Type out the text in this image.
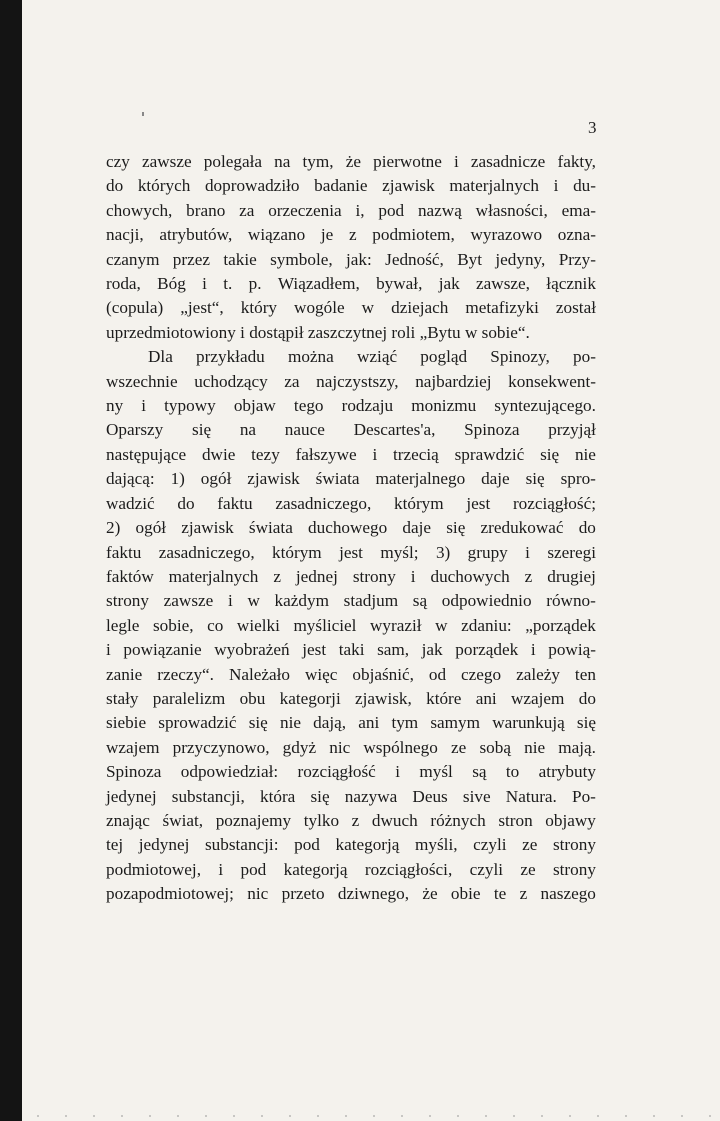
3
czy zawsze polegała na tym, że pierwotne i zasadnicze fakty,
do których doprowadziło badanie zjawisk materjalnych i du-
chowych, brano za orzeczenia i, pod nazwą własności, ema-
nacji, atrybutów, wiązano je z podmiotem, wyrazowo ozna-
czanym przez takie symbole, jak: Jedność, Byt jedyny, Przy-
roda, Bóg i t. p. Wiązadłem, bywał, jak zawsze, łącznik
(copula) „jest“, który wogóle w dziejach metafizyki został
uprzedmiotowiony i dostąpił zaszczytnej roli „Bytu w sobie“.
Dla przykładu można wziąć pogląd Spinozy, po-
wszechnie uchodzący za najczystszy, najbardziej konsekwent-
ny i typowy objaw tego rodzaju monizmu syntezującego.
Oparszy się na nauce Descartes'a, Spinoza przyjął
następujące dwie tezy fałszywe i trzecią sprawdzić się nie
dającą: 1) ogół zjawisk świata materjalnego daje się spro-
wadzić do faktu zasadniczego, którym jest rozciągłość;
2) ogół zjawisk świata duchowego daje się zredukować do
faktu zasadniczego, którym jest myśl; 3) grupy i szeregi
faktów materjalnych z jednej strony i duchowych z drugiej
strony zawsze i w każdym stadjum są odpowiednio równo-
legle sobie, co wielki myśliciel wyraził w zdaniu: „porządek
i powiązanie wyobrażeń jest taki sam, jak porządek i powią-
zanie rzeczy“. Należało więc objaśnić, od czego zależy ten
stały paralelizm obu kategorji zjawisk, które ani wzajem do
siebie sprowadzić się nie dają, ani tym samym warunkują się
wzajem przyczynowo, gdyż nic wspólnego ze sobą nie mają.
Spinoza odpowiedział: rozciągłość i myśl są to atrybuty
jedynej substancji, która się nazywa Deus sive Natura. Po-
znając świat, poznajemy tylko z dwuch różnych stron objawy
tej jedynej substancji: pod kategorją myśli, czyli ze strony
podmiotowej, i pod kategorją rozciągłości, czyli ze strony
pozapodmiotowej; nic przeto dziwnego, że obie te z naszego
